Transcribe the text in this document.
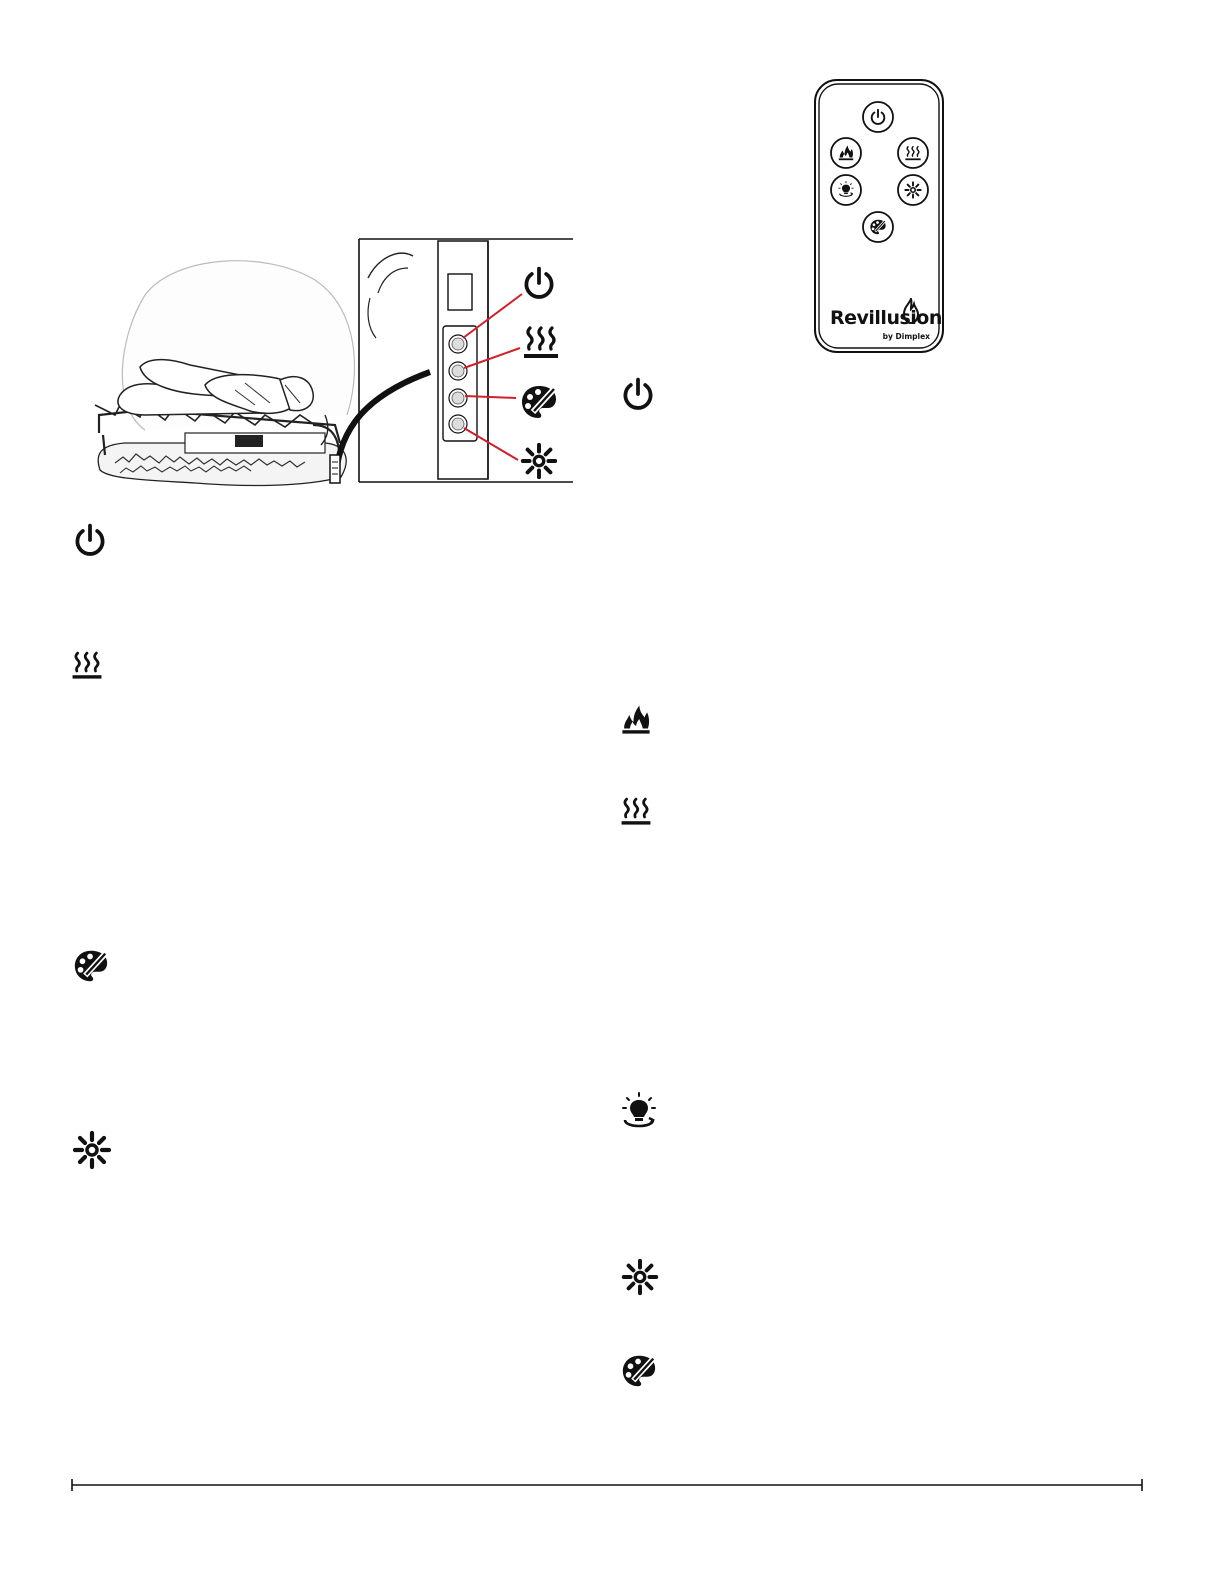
Revillusion
by Dimplex
